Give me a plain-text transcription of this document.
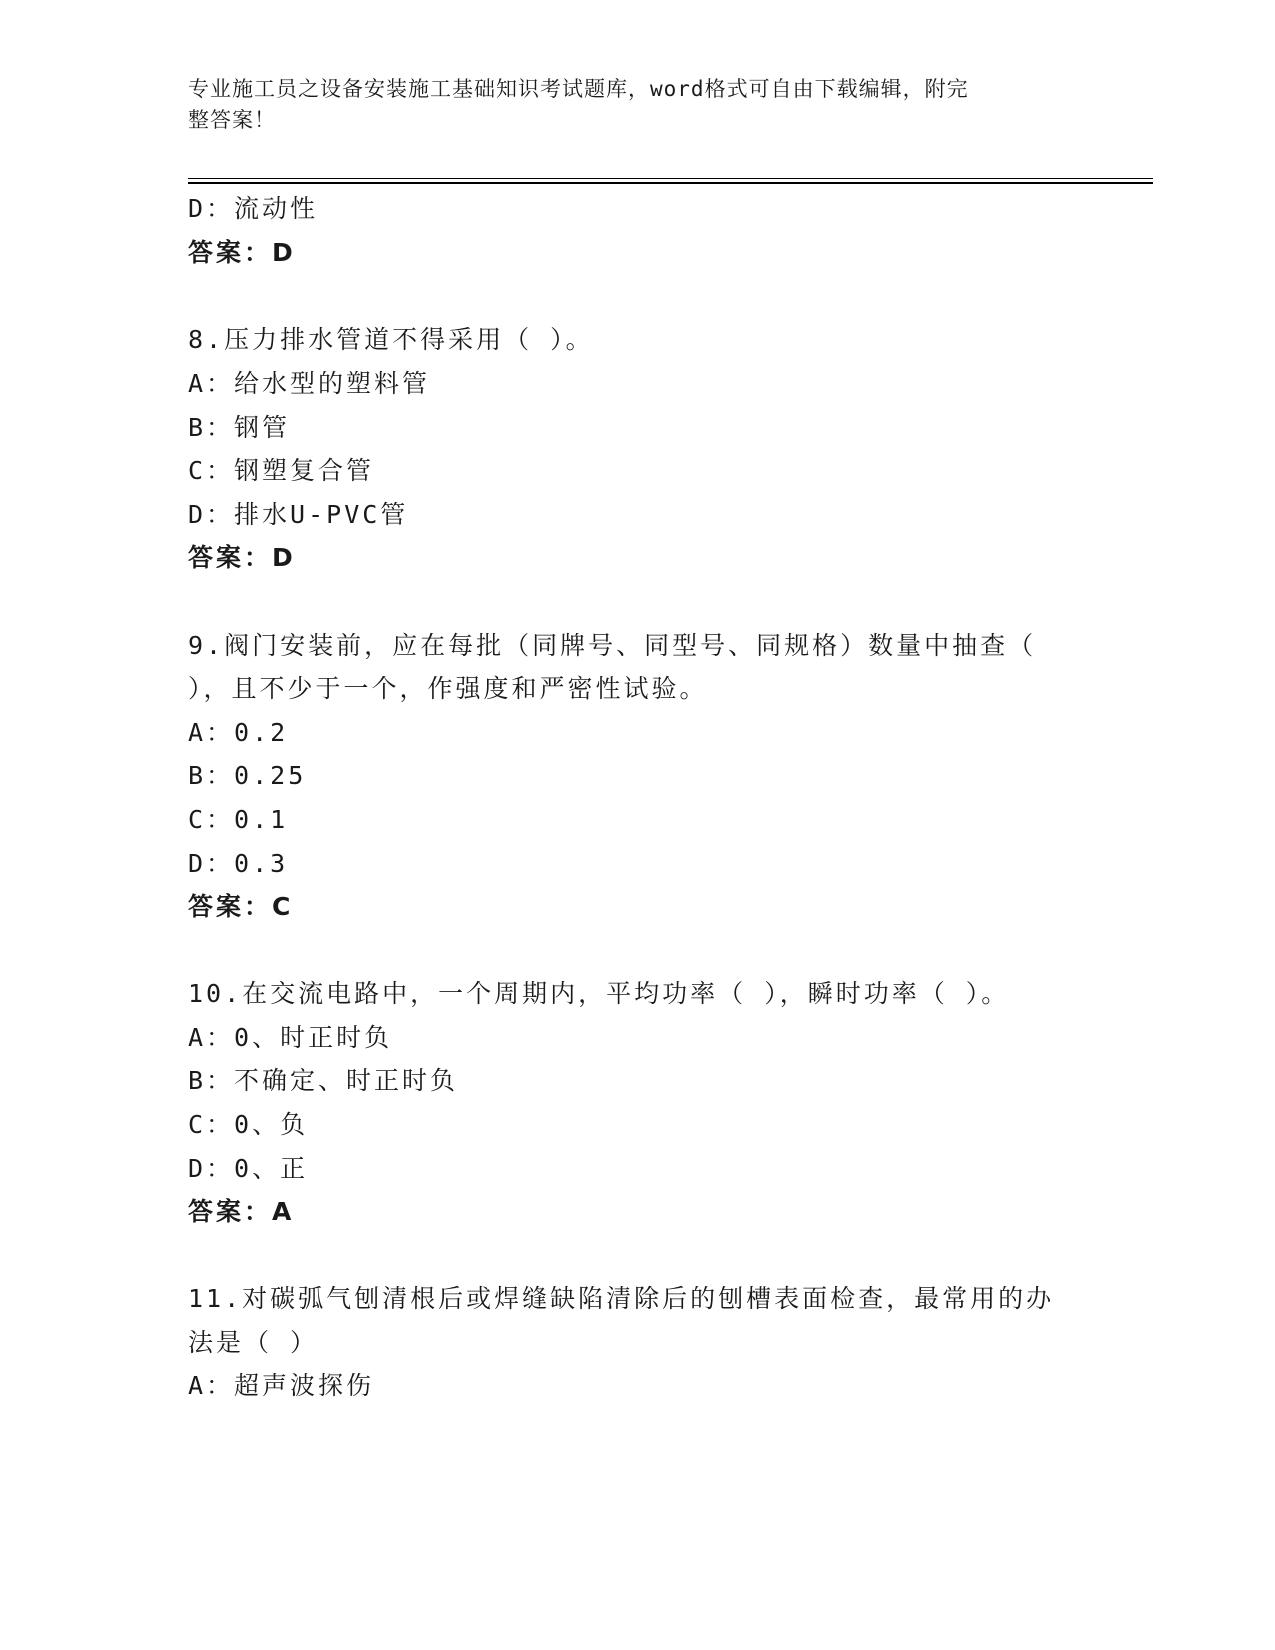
专业施工员之设备安装施工基础知识考试题库，word格式可自由下载编辑，附完
整答案！
D：流动性
答案：D
8.压力排水管道不得采用（ ）。
A：给水型的塑料管
B：钢管
C：钢塑复合管
D：排水U-PVC管
答案：D
9.阀门安装前，应在每批（同牌号、同型号、同规格）数量中抽查（
），且不少于一个，作强度和严密性试验。
A：0.2
B：0.25
C：0.1
D：0.3
答案：C
10.在交流电路中，一个周期内，平均功率（ ），瞬时功率（ ）。
A：0、时正时负
B：不确定、时正时负
C：0、负
D：0、正
答案：A
11.对碳弧气刨清根后或焊缝缺陷清除后的刨槽表面检查，最常用的办
法是（ ）
A：超声波探伤
